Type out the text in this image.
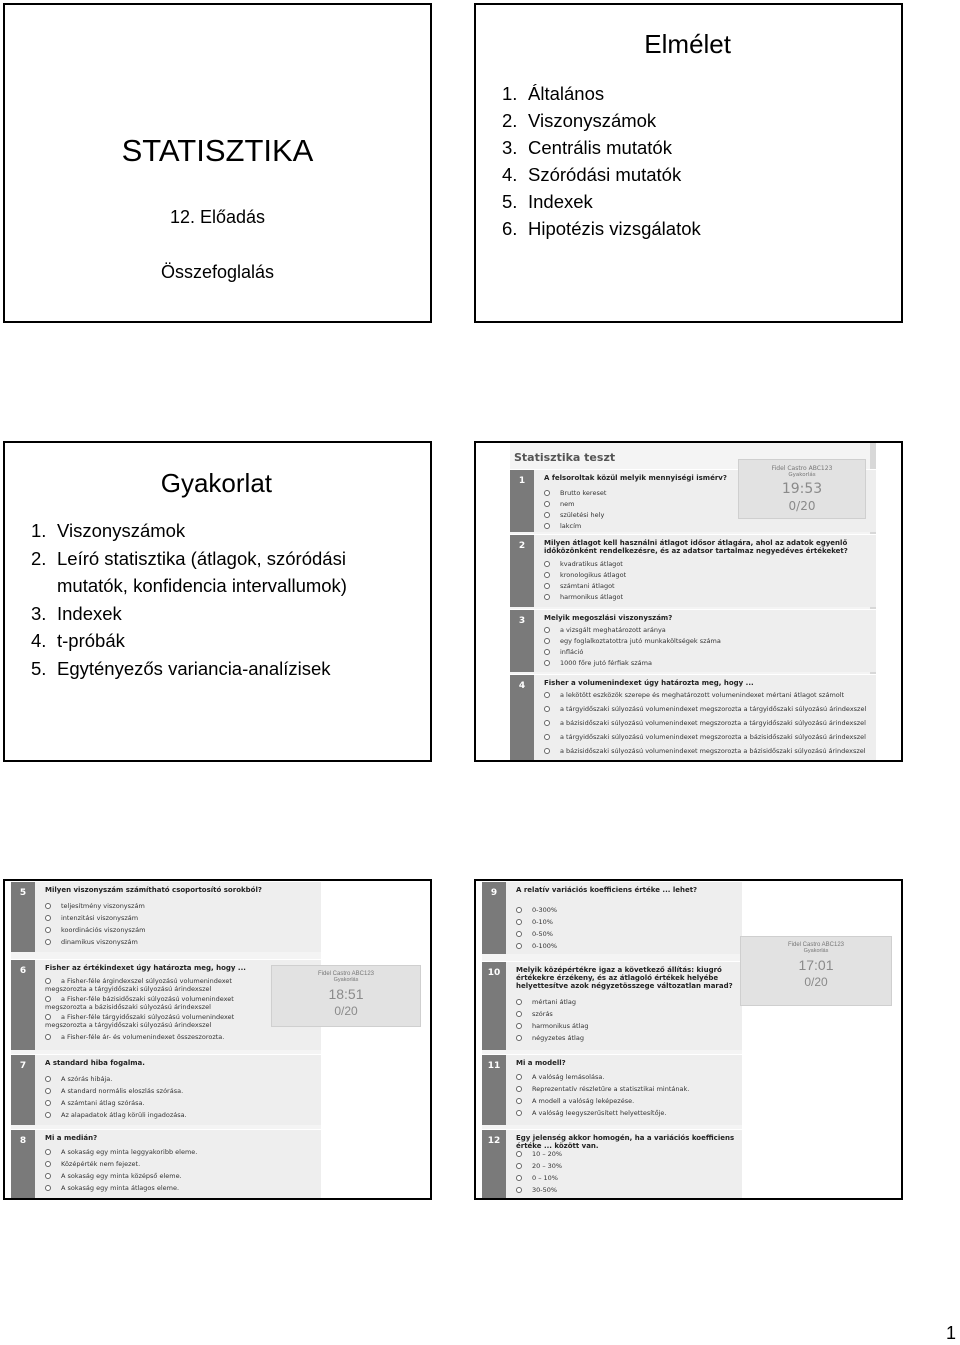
STATISZTIKA
12. Előadás
Összefoglalás
Elmélet
1. Általános
2. Viszonyszámok
3. Centrális mutatók
4. Szóródási mutatók
5. Indexek
6. Hipotézis vizsgálatok
Gyakorlat
1. Viszonyszámok
2. Leíró statisztika (átlagok, szóródási
mutatók, konfidencia intervallumok)
3. Indexek
4. t-próbák
5. Egytényezős variancia-analízisek
Statisztika teszt
1	A felsoroltak közül melyik mennyiségi ismérv?
Brutto kereset
nem
születési hely
lakcím
2	Milyen átlagot kell használni átlagot idősor átlagára, ahol az adatok egyenlő időközönként rendelkezésre, és az adatsor tartalmaz negyedéves értékeket?
kvadratikus átlagot
kronologikus átlagot
számtani átlagot
harmonikus átlagot
3	Melyik megoszlási viszonyszám?
a vizsgált meghatározott aránya
egy foglalkoztatottra jutó munkaköltségek száma
infláció
1000 főre jutó férfiak száma
4	Fisher a volumenindexet úgy határozta meg, hogy ...
a lekötött eszközök szerepe és meghatározott volumenindexet mértani átlagot számolt
a tárgyidőszaki súlyozású volumenindexet megszorozta a tárgyidőszaki súlyozású árindexszel
a bázisidőszaki súlyozású volumenindexet megszorozta a tárgyidőszaki súlyozású árindexszel
a tárgyidőszaki súlyozású volumenindexet megszorozta a bázisidőszaki súlyozású árindexszel
a bázisidőszaki súlyozású volumenindexet megszorozta a bázisidőszaki súlyozású árindexszel
Fidel Castro ABC123
Gyakorlás
19:53
0/20
5	Milyen viszonyszám számítható csoportosító sorokból?
teljesítmény viszonyszám
intenzitási viszonyszám
koordinációs viszonyszám
dinamikus viszonyszám
6	Fisher az értékindexet úgy határozta meg, hogy ...
a Fisher-féle árgindexszel súlyozású volumenindexet megszorozta a tárgyidőszaki súlyozású árindexszel
a Fisher-féle bázisidőszaki súlyozású volumenindexet megszorozta a bázisidőszaki súlyozású árindexszel
a Fisher-féle tárgyidőszaki súlyozású volumenindexet megszorozta a tárgyidőszaki súlyozású árindexszel
a Fisher-féle ár- és volumenindexet összeszorozta.
7	A standard hiba fogalma.
A szórás hibája.
A standard normális eloszlás szórása.
A számtani átlag szórása.
Az alapadatok átlag körüli ingadozása.
8	Mi a medián?
A sokaság egy minta leggyakoribb eleme.
Középérték nem fejezet.
A sokaság egy minta középső eleme.
A sokaság egy minta átlagos eleme.
Fidel Castro ABC123
Gyakorlás
18:51
0/20
9	A relatív variációs koefficiens értéke ... lehet?
0-300%
0-10%
0-50%
0-100%
10	Melyik középértékre igaz a következő állítás: kiugró értékekre érzékeny, és az átlagoló értékek helyébe helyettesítve azok négyzetösszege változatlan marad?
mértani átlag
szórás
harmonikus átlag
négyzetes átlag
11	Mi a modell?
A valóság lemásolása.
Reprezentatív részletűre a statisztikai mintának.
A modell a valóság leképezése.
A valóság leegyszerűsített helyettesítője.
12	Egy jelenség akkor homogén, ha a variációs koefficiens értéke ... között van.
10 – 20%
20 – 30%
0 – 10%
30-50%
Fidel Castro ABC123
Gyakorlás
17:01
0/20
1
